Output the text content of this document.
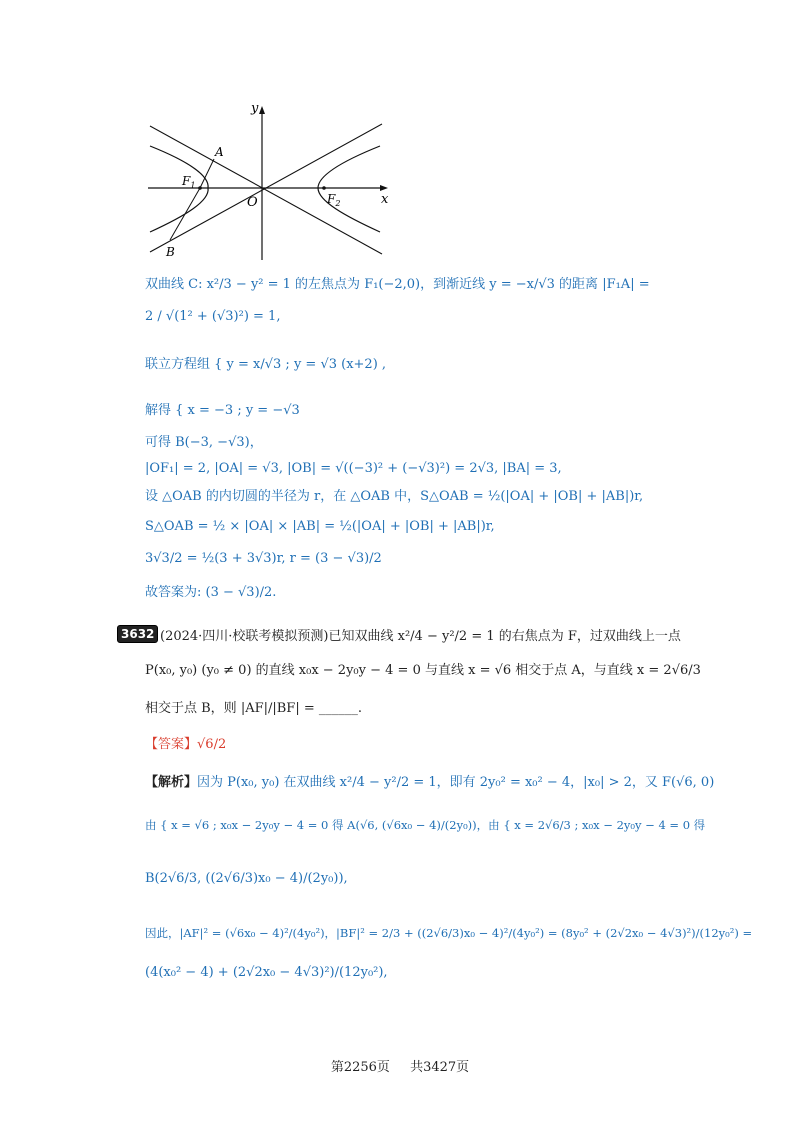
y
x
O
A
B
$F_1$
$F_2$
双曲线 C: x²/3 − y² = 1 的左焦点为 F₁(−2,0)，到渐近线 y = −x/√3 的距离 |F₁A| =
2 / √(1² + (√3)²) = 1,
联立方程组 { y = x/√3 ; y = √3 (x+2) ,
解得 { x = −3 ; y = −√3
可得 B(−3, −√3)，
|OF₁| = 2, |OA| = √3, |OB| = √((−3)² + (−√3)²) = 2√3, |BA| = 3,
设 △OAB 的内切圆的半径为 r，在 △OAB 中，S△OAB = ½(|OA| + |OB| + |AB|)r,
S△OAB = ½ × |OA| × |AB| = ½(|OA| + |OB| + |AB|)r,
3√3/2 = ½(3 + 3√3)r, r = (3 − √3)/2
故答案为: (3 − √3)/2.
3632 (2024·四川·校联考模拟预测)已知双曲线 x²/4 − y²/2 = 1 的右焦点为 F，过双曲线上一点
P(x₀, y₀) (y₀ ≠ 0) 的直线 x₀x − 2y₀y − 4 = 0 与直线 x = √6 相交于点 A，与直线 x = 2√6/3
相交于点 B，则 |AF|/|BF| = ______.
【答案】√6/2
【解析】因为 P(x₀, y₀) 在双曲线 x²/4 − y²/2 = 1，即有 2y₀² = x₀² − 4，|x₀| > 2，又 F(√6, 0)
由 { x = √6 ; x₀x − 2y₀y − 4 = 0 得 A(√6, (√6x₀ − 4)/(2y₀))，由 { x = 2√6/3 ; x₀x − 2y₀y − 4 = 0 得
B(2√6/3, ((2√6/3)x₀ − 4)/(2y₀)),
因此，|AF|² = (√6x₀ − 4)²/(4y₀²)，|BF|² = 2/3 + ((2√6/3)x₀ − 4)²/(4y₀²) = (8y₀² + (2√2x₀ − 4√3)²)/(12y₀²) =
(4(x₀² − 4) + (2√2x₀ − 4√3)²)/(12y₀²),
第2256页 共3427页
